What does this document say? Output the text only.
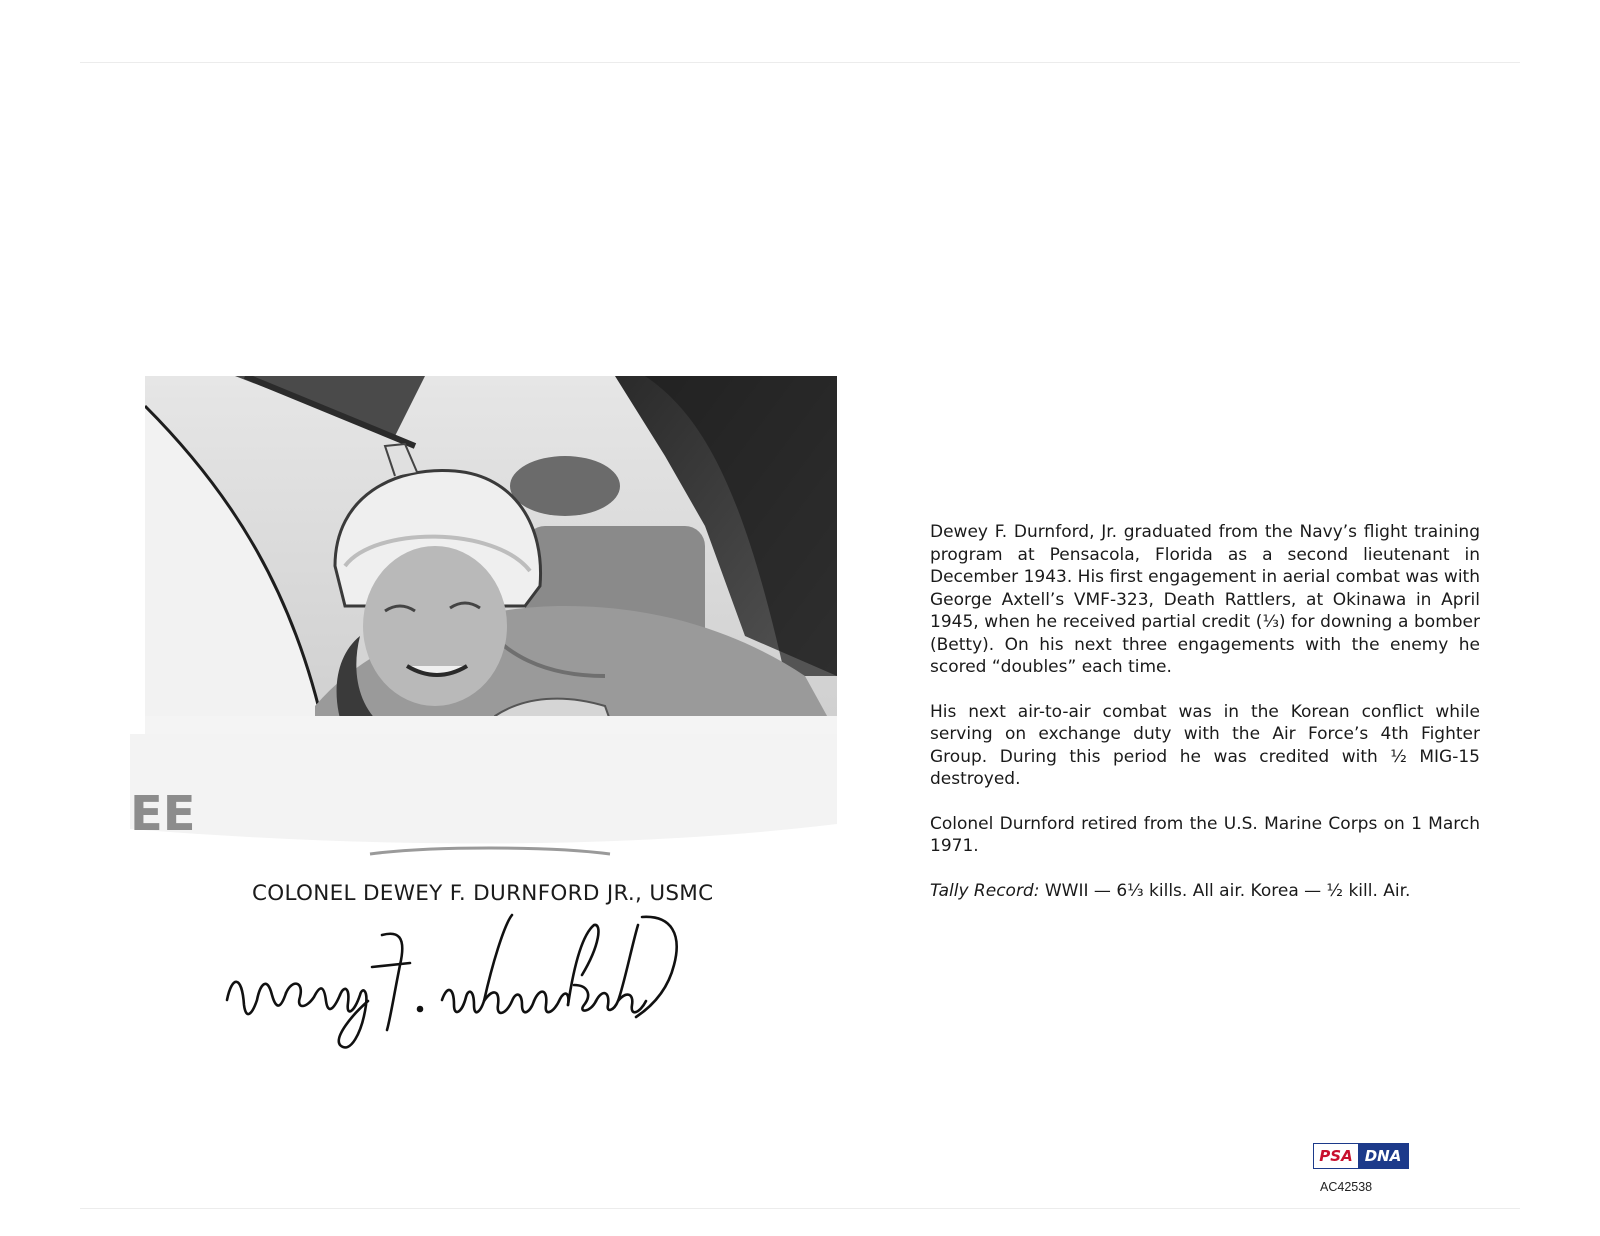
EE
COLONEL DEWEY F. DURNFORD JR., USMC
Dewey F. Durnford, Jr. graduated from the Navy’s flight training program at Pensacola, Florida as a second lieutenant in December 1943. His first engagement in aerial combat was with George Axtell’s VMF-323, Death Rattlers, at Okinawa in April 1945, when he received partial credit (⅓) for downing a bomber (Betty). On his next three engagements with the enemy he scored “doubles” each time.
His next air-to-air combat was in the Korean conflict while serving on exchange duty with the Air Force’s 4th Fighter Group. During this period he was credited with ½ MIG-15 destroyed.
Colonel Durnford retired from the U.S. Marine Corps on 1 March 1971.
Tally Record: WWII — 6⅓ kills. All air. Korea — ½ kill. Air.
PSA DNA
AC42538
